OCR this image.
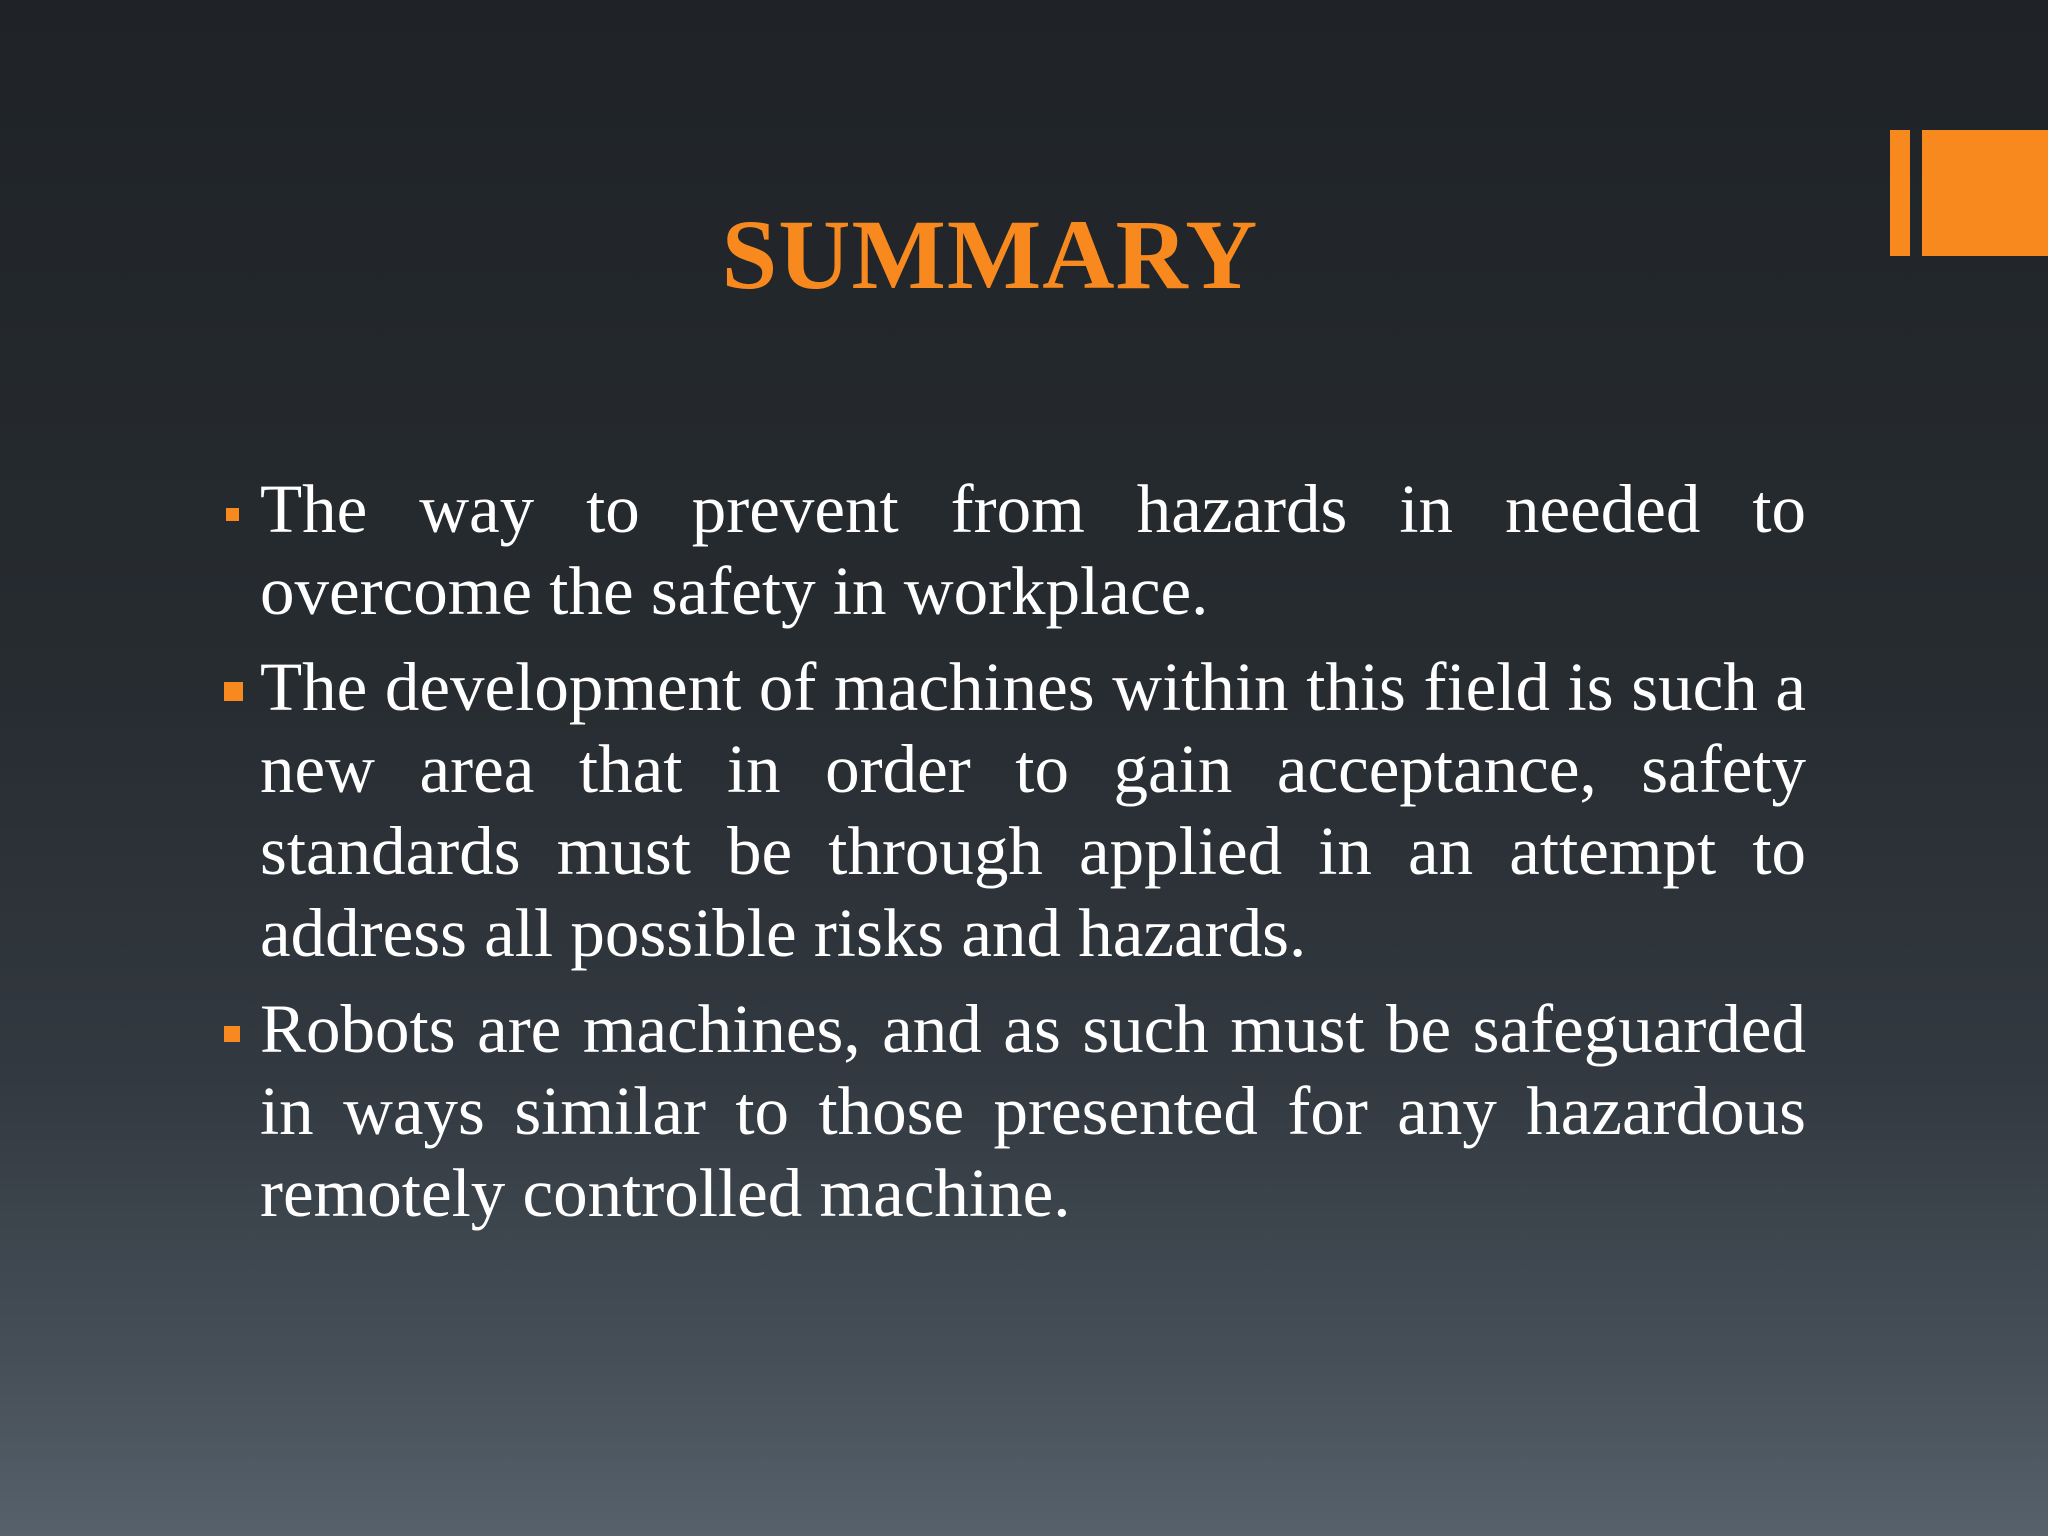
SUMMARY
The way to prevent from hazards in needed to overcome the safety in workplace.
The development of machines within this field is such a new area that in order to gain acceptance, safety standards must be through applied in an attempt to address all possible risks and hazards.
Robots are machines, and as such must be safeguarded in ways similar to those presented for any hazardous remotely controlled machine.
